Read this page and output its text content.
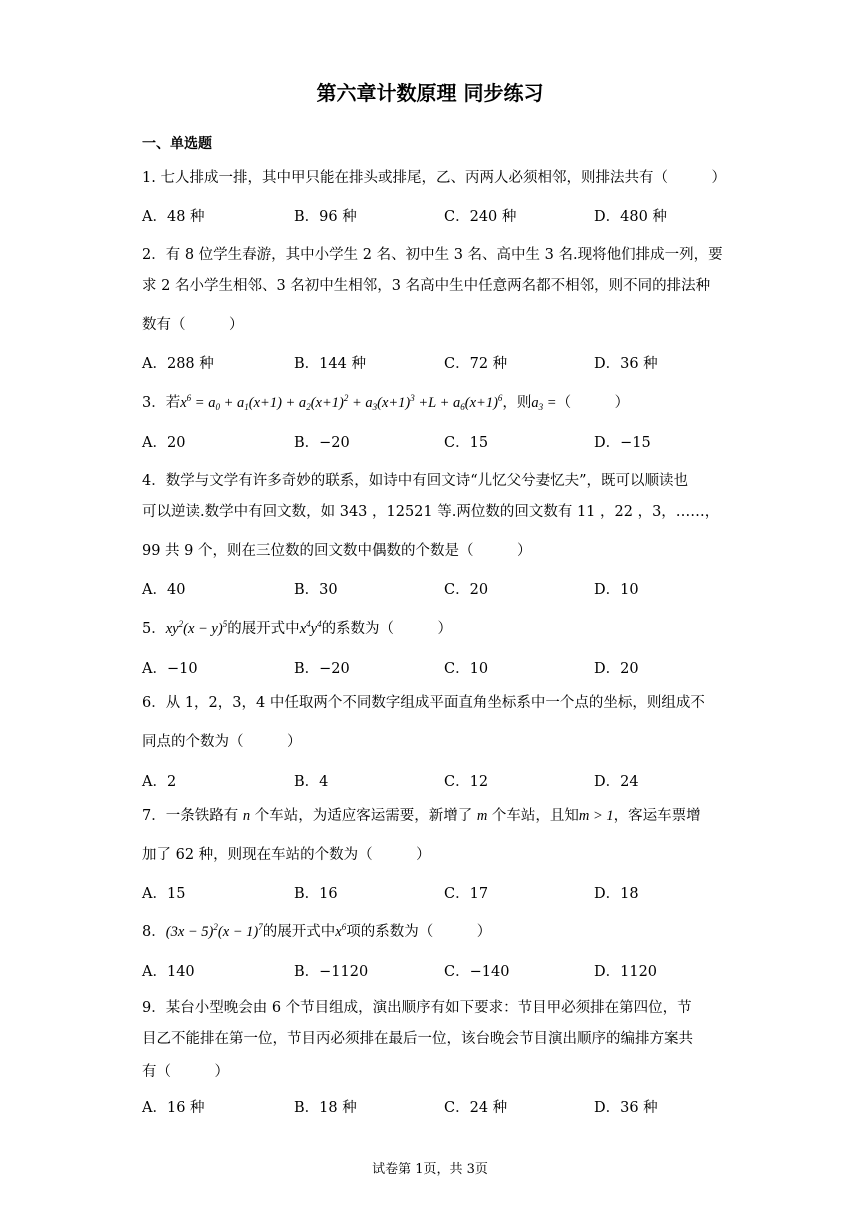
第六章计数原理 同步练习
一、单选题
1. 七人排成一排，其中甲只能在排头或排尾，乙、丙两人必须相邻，则排法共有（　　　）
A．48 种	B．96 种	C．240 种	D．480 种
2．有 8 位学生春游，其中小学生 2 名、初中生 3 名、高中生 3 名.现将他们排成一列，要
求 2 名小学生相邻、3 名初中生相邻，3 名高中生中任意两名都不相邻，则不同的排法种
数有（　　　）
A．288 种	B．144 种	C．72 种	D．36 种
3．若$x^6 = a_0 + a_1(x+1) + a_2(x+1)^2 + a_3(x+1)^3 +L + a_6(x+1)^6$，则$a_3$ =（　　　）
A．20	B．−20	C．15	D．−15
4．数学与文学有许多奇妙的联系，如诗中有回文诗“儿忆父兮妻忆夫”，既可以顺读也
可以逆读.数学中有回文数，如 343 ，12521 等.两位数的回文数有 11 ，22 ，3，……，
99 共 9 个，则在三位数的回文数中偶数的个数是（　　　）
A．40	B．30	C．20	D．10
5．$xy^2(x - y)^5$的展开式中$x^4y^4$的系数为（　　　）
A．−10	B．−20	C．10	D．20
6．从 1，2，3，4 中任取两个不同数字组成平面直角坐标系中一个点的坐标，则组成不
同点的个数为（　　　）
A．2	B．4	C．12	D．24
7．一条铁路有 n 个车站，为适应客运需要，新增了 m 个车站，且知m > 1，客运车票增
加了 62 种，则现在车站的个数为（　　　）
A．15	B．16	C．17	D．18
8．$(3x - 5)^2(x - 1)^7$的展开式中$x^6$项的系数为（　　　）
A．140	B．−1120	C．−140	D．1120
9．某台小型晚会由 6 个节目组成，演出顺序有如下要求：节目甲必须排在第四位，节
目乙不能排在第一位，节目丙必须排在最后一位，该台晚会节目演出顺序的编排方案共
有（　　　）
A．16 种	B．18 种	C．24 种	D．36 种
试卷第 1页，共 3页
